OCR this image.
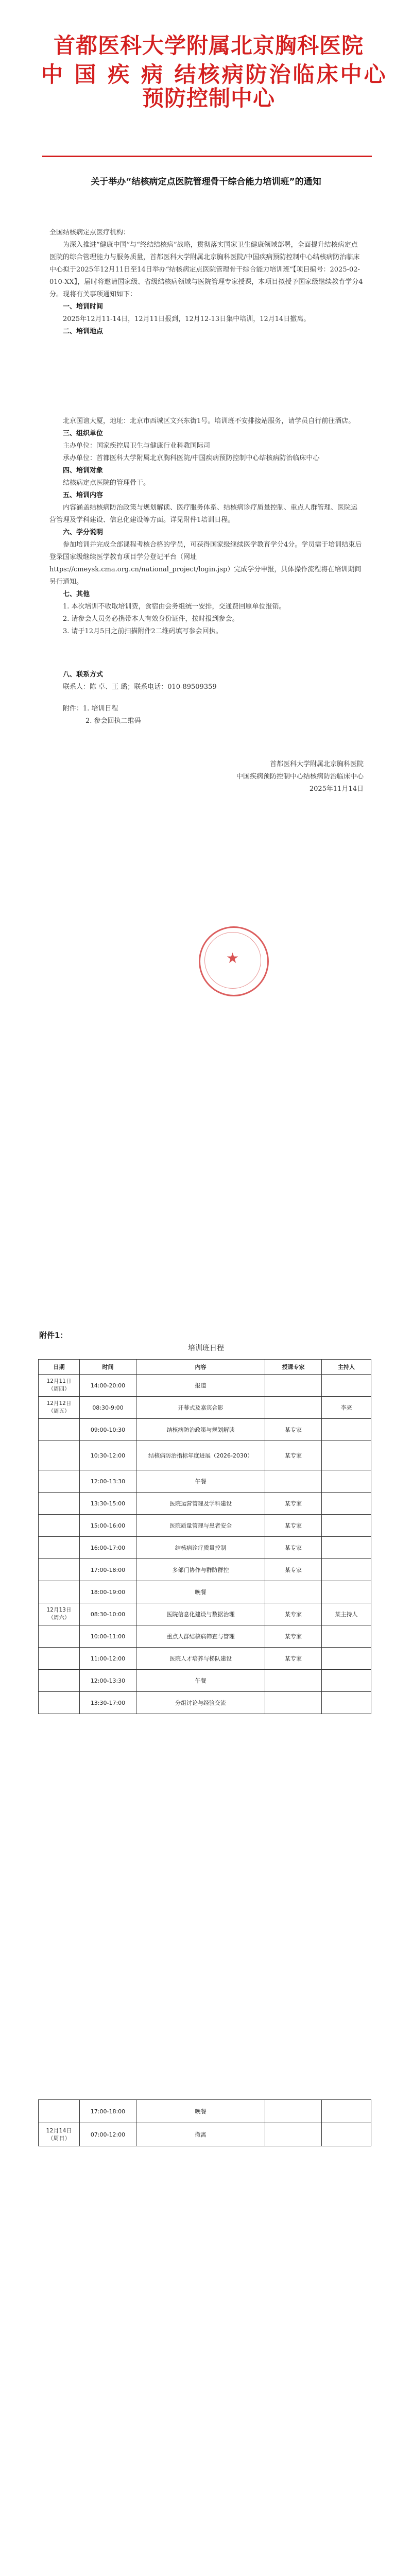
首都医科大学附属北京胸科医院
中 国 疾 病 结核病防治临床中心
预防控制中心
关于举办“结核病定点医院管理骨干综合能力培训班”的通知

全国结核病定点医疗机构：

为深入推进“健康中国”与“终结结核病”战略，贯彻落实国家卫生健康领域部署，全面提升结核病定点医院的综合管理能力与服务质量，首都医科大学附属北京胸科医院/中国疾病预防控制中心结核病防治临床中心拟于2025年12月11日至14日举办“结核病定点医院管理骨干综合能力培训班”【项目编号：2025-02-010-XX】，届时将邀请国家级、省级结核病领域与医院管理专家授课，本项目拟授予国家级继续教育学分4分。现将有关事项通知如下：

一、培训时间

2025年12月11-14日，12月11日报到，12月12-13日集中培训，12月14日撤离。

二、培训地点

北京国谊大厦，地址：北京市西城区文兴东街1号。培训班不安排接站服务，请学员自行前往酒店。

三、组织单位

主办单位：国家疾控局卫生与健康行业科教国际司

承办单位：首都医科大学附属北京胸科医院/中国疾病预防控制中心结核病防治临床中心

四、培训对象

结核病定点医院的管理骨干。

五、培训内容

内容涵盖结核病防治政策与规划解读、医疗服务体系、结核病诊疗质量控制、重点人群管理、医院运营管理及学科建设、信息化建设等方面。详见附件1培训日程。

六、学分说明

参加培训并完成全部课程考核合格的学员，可获得国家级继续医学教育学分4分。学员需于培训结束后登录国家级继续医学教育项目学分登记平台（网址 https://cmeysk.cma.org.cn/national_project/login.jsp）完成学分申报，具体操作流程将在培训期间另行通知。

七、其他

1. 本次培训不收取培训费，食宿由会务组统一安排，交通费回原单位报销。

2. 请参会人员务必携带本人有效身份证件，按时报到参会。

3. 请于12月5日之前扫描附件2二维码填写参会回执。

八、联系方式

联系人：陈 卓、王 璐；联系电话：010-89509359

附件：1. 培训日程

2. 参会回执二维码

首都医科大学附属北京胸科医院

中国疾病预防控制中心结核病防治临床中心

2025年11月14日

★
附件1：
培训班日程
日期	时间	内容	授课专家	主持人
12月11日
（周四）	14:00-20:00	报道		
12月12日
（周五）	08:30-9:00	开幕式及嘉宾合影		李亮
	09:00-10:30	结核病防治政策与规划解读	某专家	
	10:30-12:00	结核病防治指标年度进展（2026-2030）	某专家	
	12:00-13:30	午餐		
	13:30-15:00	医院运营管理及学科建设	某专家	
	15:00-16:00	医院质量管理与患者安全	某专家	
	16:00-17:00	结核病诊疗质量控制	某专家	
	17:00-18:00	多部门协作与群防群控	某专家	
	18:00-19:00	晚餐		
12月13日
（周六）	08:30-10:00	医院信息化建设与数据治理	某专家	某主持人
	10:00-11:00	重点人群结核病筛查与管理	某专家	
	11:00-12:00	医院人才培养与梯队建设	某专家	
	12:00-13:30	午餐		
	13:30-17:00	分组讨论与经验交流		
	17:00-18:00	晚餐		
12月14日
（周日）	07:00-12:00	撤离		
